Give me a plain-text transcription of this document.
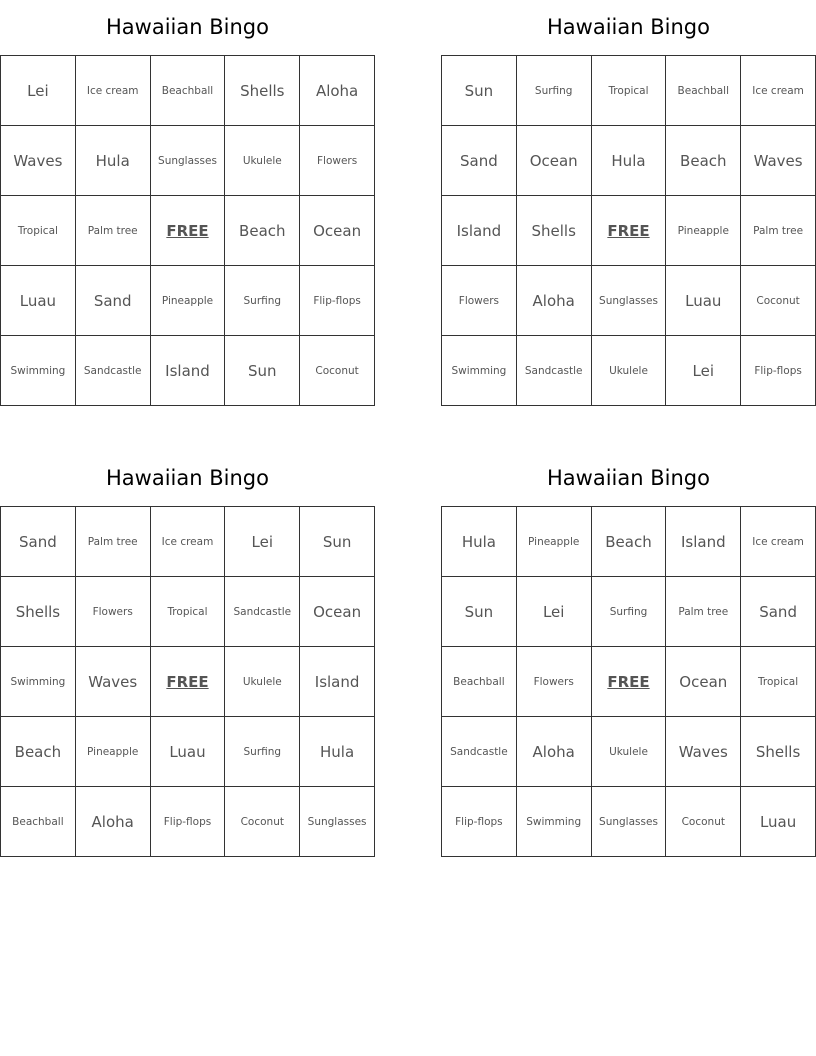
Hawaiian Bingo
Lei	Ice cream	Beachball	Shells	Aloha
Waves	Hula	Sunglasses	Ukulele	Flowers
Tropical	Palm tree	FREE	Beach	Ocean
Luau	Sand	Pineapple	Surfing	Flip-flops
Swimming	Sandcastle	Island	Sun	Coconut
Hawaiian Bingo
Sun	Surfing	Tropical	Beachball	Ice cream
Sand	Ocean	Hula	Beach	Waves
Island	Shells	FREE	Pineapple	Palm tree
Flowers	Aloha	Sunglasses	Luau	Coconut
Swimming	Sandcastle	Ukulele	Lei	Flip-flops
Hawaiian Bingo
Sand	Palm tree	Ice cream	Lei	Sun
Shells	Flowers	Tropical	Sandcastle	Ocean
Swimming	Waves	FREE	Ukulele	Island
Beach	Pineapple	Luau	Surfing	Hula
Beachball	Aloha	Flip-flops	Coconut	Sunglasses
Hawaiian Bingo
Hula	Pineapple	Beach	Island	Ice cream
Sun	Lei	Surfing	Palm tree	Sand
Beachball	Flowers	FREE	Ocean	Tropical
Sandcastle	Aloha	Ukulele	Waves	Shells
Flip-flops	Swimming	Sunglasses	Coconut	Luau
